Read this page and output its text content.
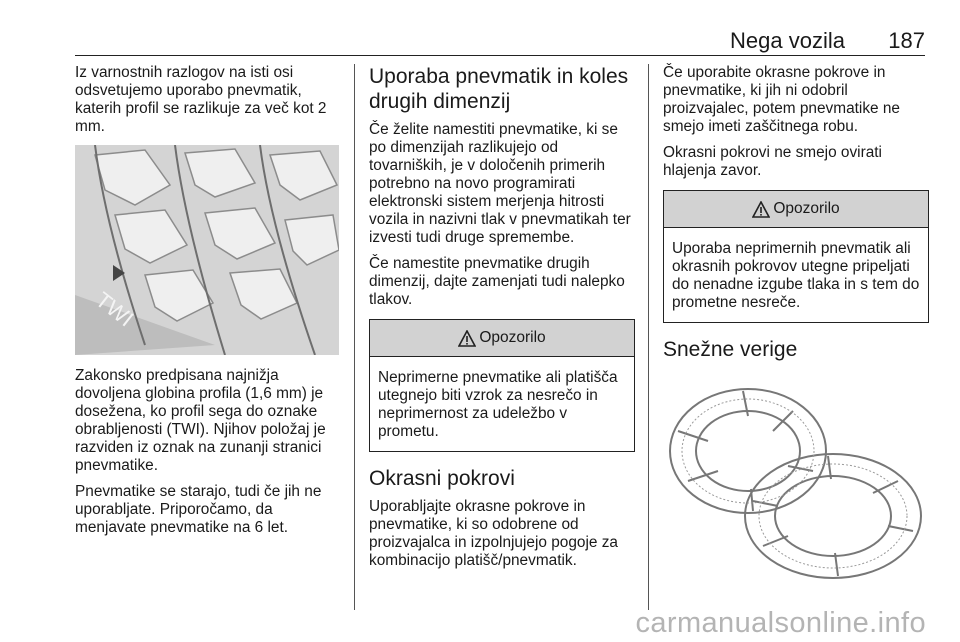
Nega vozila 187

Iz varnostnih razlogov na isti osi odsvetujemo uporabo pnevmatik, katerih profil se razlikuje za več kot 2 mm.

TWI

Zakonsko predpisana najnižja dovoljena globina profila (1,6 mm) je dosežena, ko profil sega do oznake obrabljenosti (TWI). Njihov položaj je razviden iz oznak na zunanji stranici pnevmatike.

Pnevmatike se starajo, tudi če jih ne uporabljate. Priporočamo, da menjavate pnevmatike na 6 let.

Uporaba pnevmatik in koles drugih dimenzij

Če želite namestiti pnevmatike, ki se po dimenzijah razlikujejo od tovarniških, je v določenih primerih potrebno na novo programirati elektronski sistem merjenja hitrosti vozila in nazivni tlak v pnevmatikah ter izvesti tudi druge spremembe.

Če namestite pnevmatike drugih dimenzij, dajte zamenjati tudi nalepko tlakov.

Opozorilo
Neprimerne pnevmatike ali platišča utegnejo biti vzrok za nesrečo in neprimernost za udeležbo v prometu.
Okrasni pokrovi

Uporabljajte okrasne pokrove in pnevmatike, ki so odobrene od proizvajalca in izpolnjujejo pogoje za kombinacijo platišč/pnevmatik.

Če uporabite okrasne pokrove in pnevmatike, ki jih ni odobril proizvajalec, potem pnevmatike ne smejo imeti zaščitnega robu.

Okrasni pokrovi ne smejo ovirati hlajenja zavor.

Opozorilo
Uporaba neprimernih pnevmatik ali okrasnih pokrovov utegne pripeljati do nenadne izgube tlaka in s tem do prometne nesreče.
Snežne verige
carmanualsonline.info
